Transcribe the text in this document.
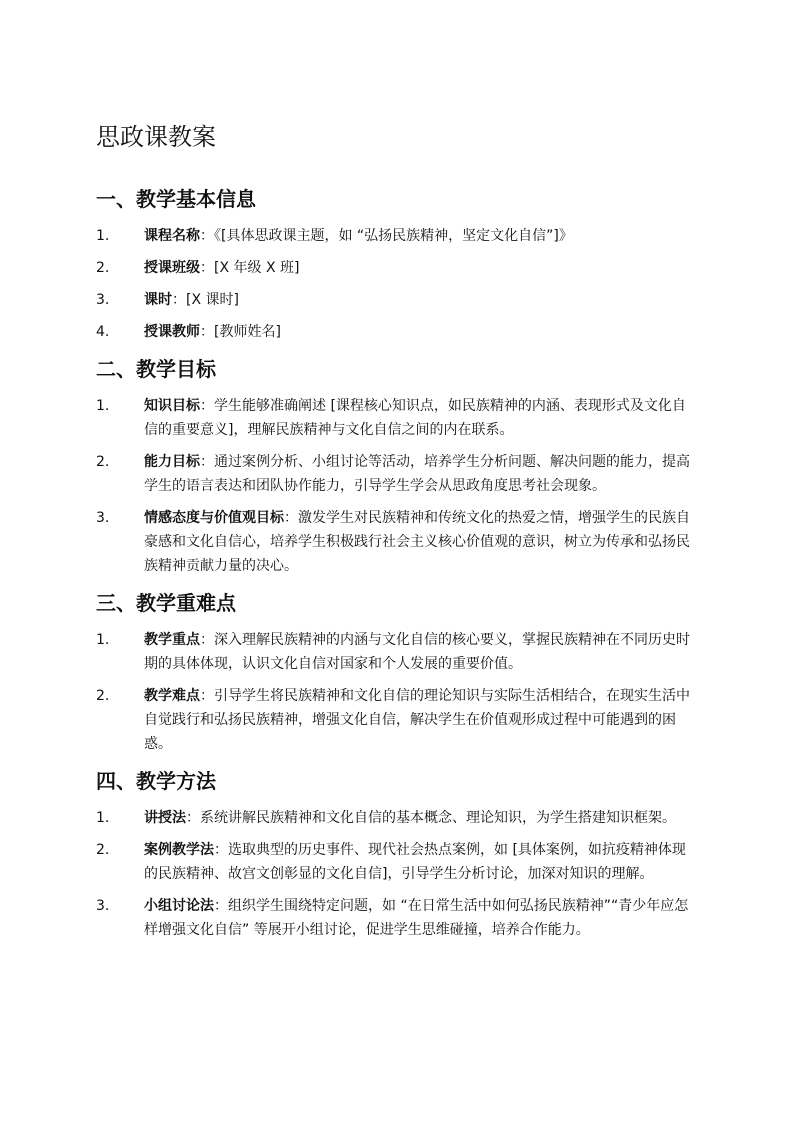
思政课教案
一、教学基本信息
1. 课程名称：《[具体思政课主题，如 “弘扬民族精神，坚定文化自信”]》
2. 授课班级：[X 年级 X 班]
3. 课时：[X 课时]
4. 授课教师：[教师姓名]
二、教学目标
1. 知识目标：学生能够准确阐述 [课程核心知识点，如民族精神的内涵、表现形式及文化自信的重要意义]，理解民族精神与文化自信之间的内在联系。
2. 能力目标：通过案例分析、小组讨论等活动，培养学生分析问题、解决问题的能力，提高学生的语言表达和团队协作能力，引导学生学会从思政角度思考社会现象。
3. 情感态度与价值观目标：激发学生对民族精神和传统文化的热爱之情，增强学生的民族自豪感和文化自信心，培养学生积极践行社会主义核心价值观的意识，树立为传承和弘扬民族精神贡献力量的决心。
三、教学重难点
1. 教学重点：深入理解民族精神的内涵与文化自信的核心要义，掌握民族精神在不同历史时期的具体体现，认识文化自信对国家和个人发展的重要价值。
2. 教学难点：引导学生将民族精神和文化自信的理论知识与实际生活相结合，在现实生活中自觉践行和弘扬民族精神，增强文化自信，解决学生在价值观形成过程中可能遇到的困惑。
四、教学方法
1. 讲授法：系统讲解民族精神和文化自信的基本概念、理论知识，为学生搭建知识框架。
2. 案例教学法：选取典型的历史事件、现代社会热点案例，如 [具体案例，如抗疫精神体现的民族精神、故宫文创彰显的文化自信]，引导学生分析讨论，加深对知识的理解。
3. 小组讨论法：组织学生围绕特定问题，如 “在日常生活中如何弘扬民族精神”“青少年应怎样增强文化自信” 等展开小组讨论，促进学生思维碰撞，培养合作能力。
